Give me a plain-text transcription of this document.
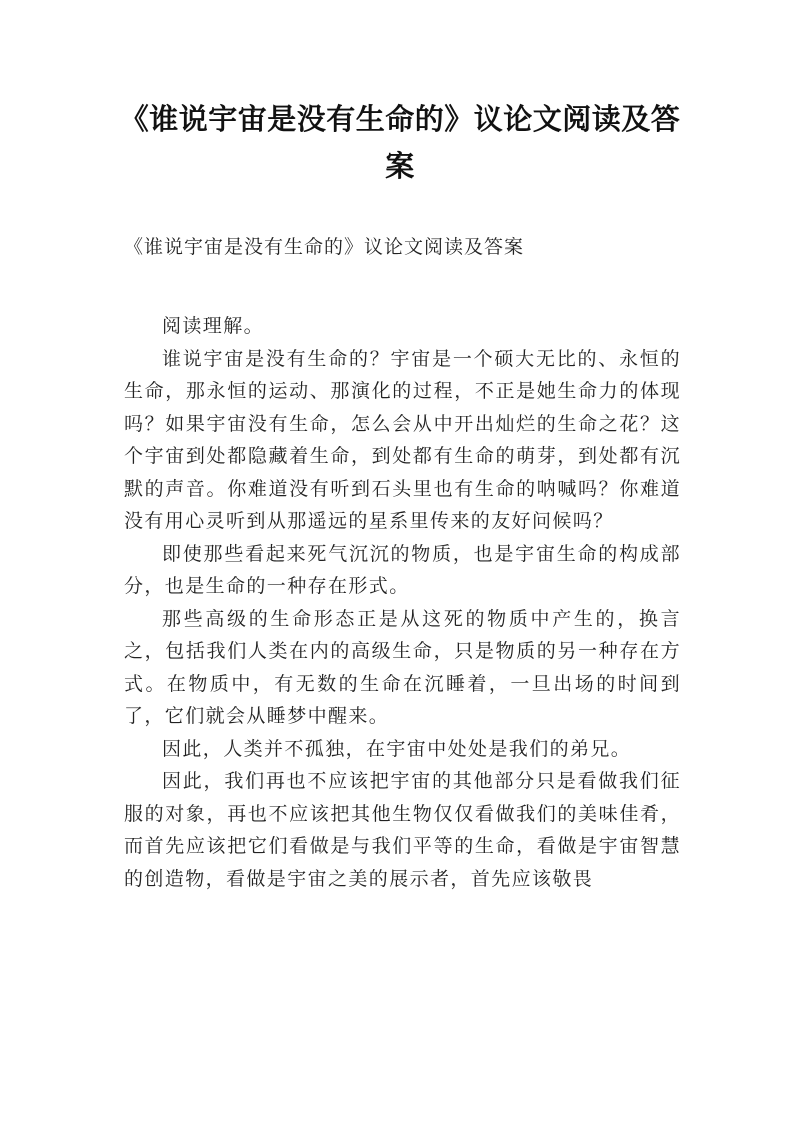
《谁说宇宙是没有生命的》议论文阅读及答案
《谁说宇宙是没有生命的》议论文阅读及答案

阅读理解。

谁说宇宙是没有生命的？宇宙是一个硕大无比的、永恒的生命，那永恒的运动、那演化的过程，不正是她生命力的体现吗？如果宇宙没有生命，怎么会从中开出灿烂的生命之花？这个宇宙到处都隐藏着生命，到处都有生命的萌芽，到处都有沉默的声音。你难道没有听到石头里也有生命的呐喊吗？你难道没有用心灵听到从那遥远的星系里传来的友好问候吗？

即使那些看起来死气沉沉的物质，也是宇宙生命的构成部分，也是生命的一种存在形式。

那些高级的生命形态正是从这死的物质中产生的，换言之，包括我们人类在内的高级生命，只是物质的另一种存在方式。在物质中，有无数的生命在沉睡着，一旦出场的时间到了，它们就会从睡梦中醒来。

因此，人类并不孤独，在宇宙中处处是我们的弟兄。

因此，我们再也不应该把宇宙的其他部分只是看做我们征服的对象，再也不应该把其他生物仅仅看做我们的美味佳肴，而首先应该把它们看做是与我们平等的生命，看做是宇宙智慧的创造物，看做是宇宙之美的展示者，首先应该敬畏
